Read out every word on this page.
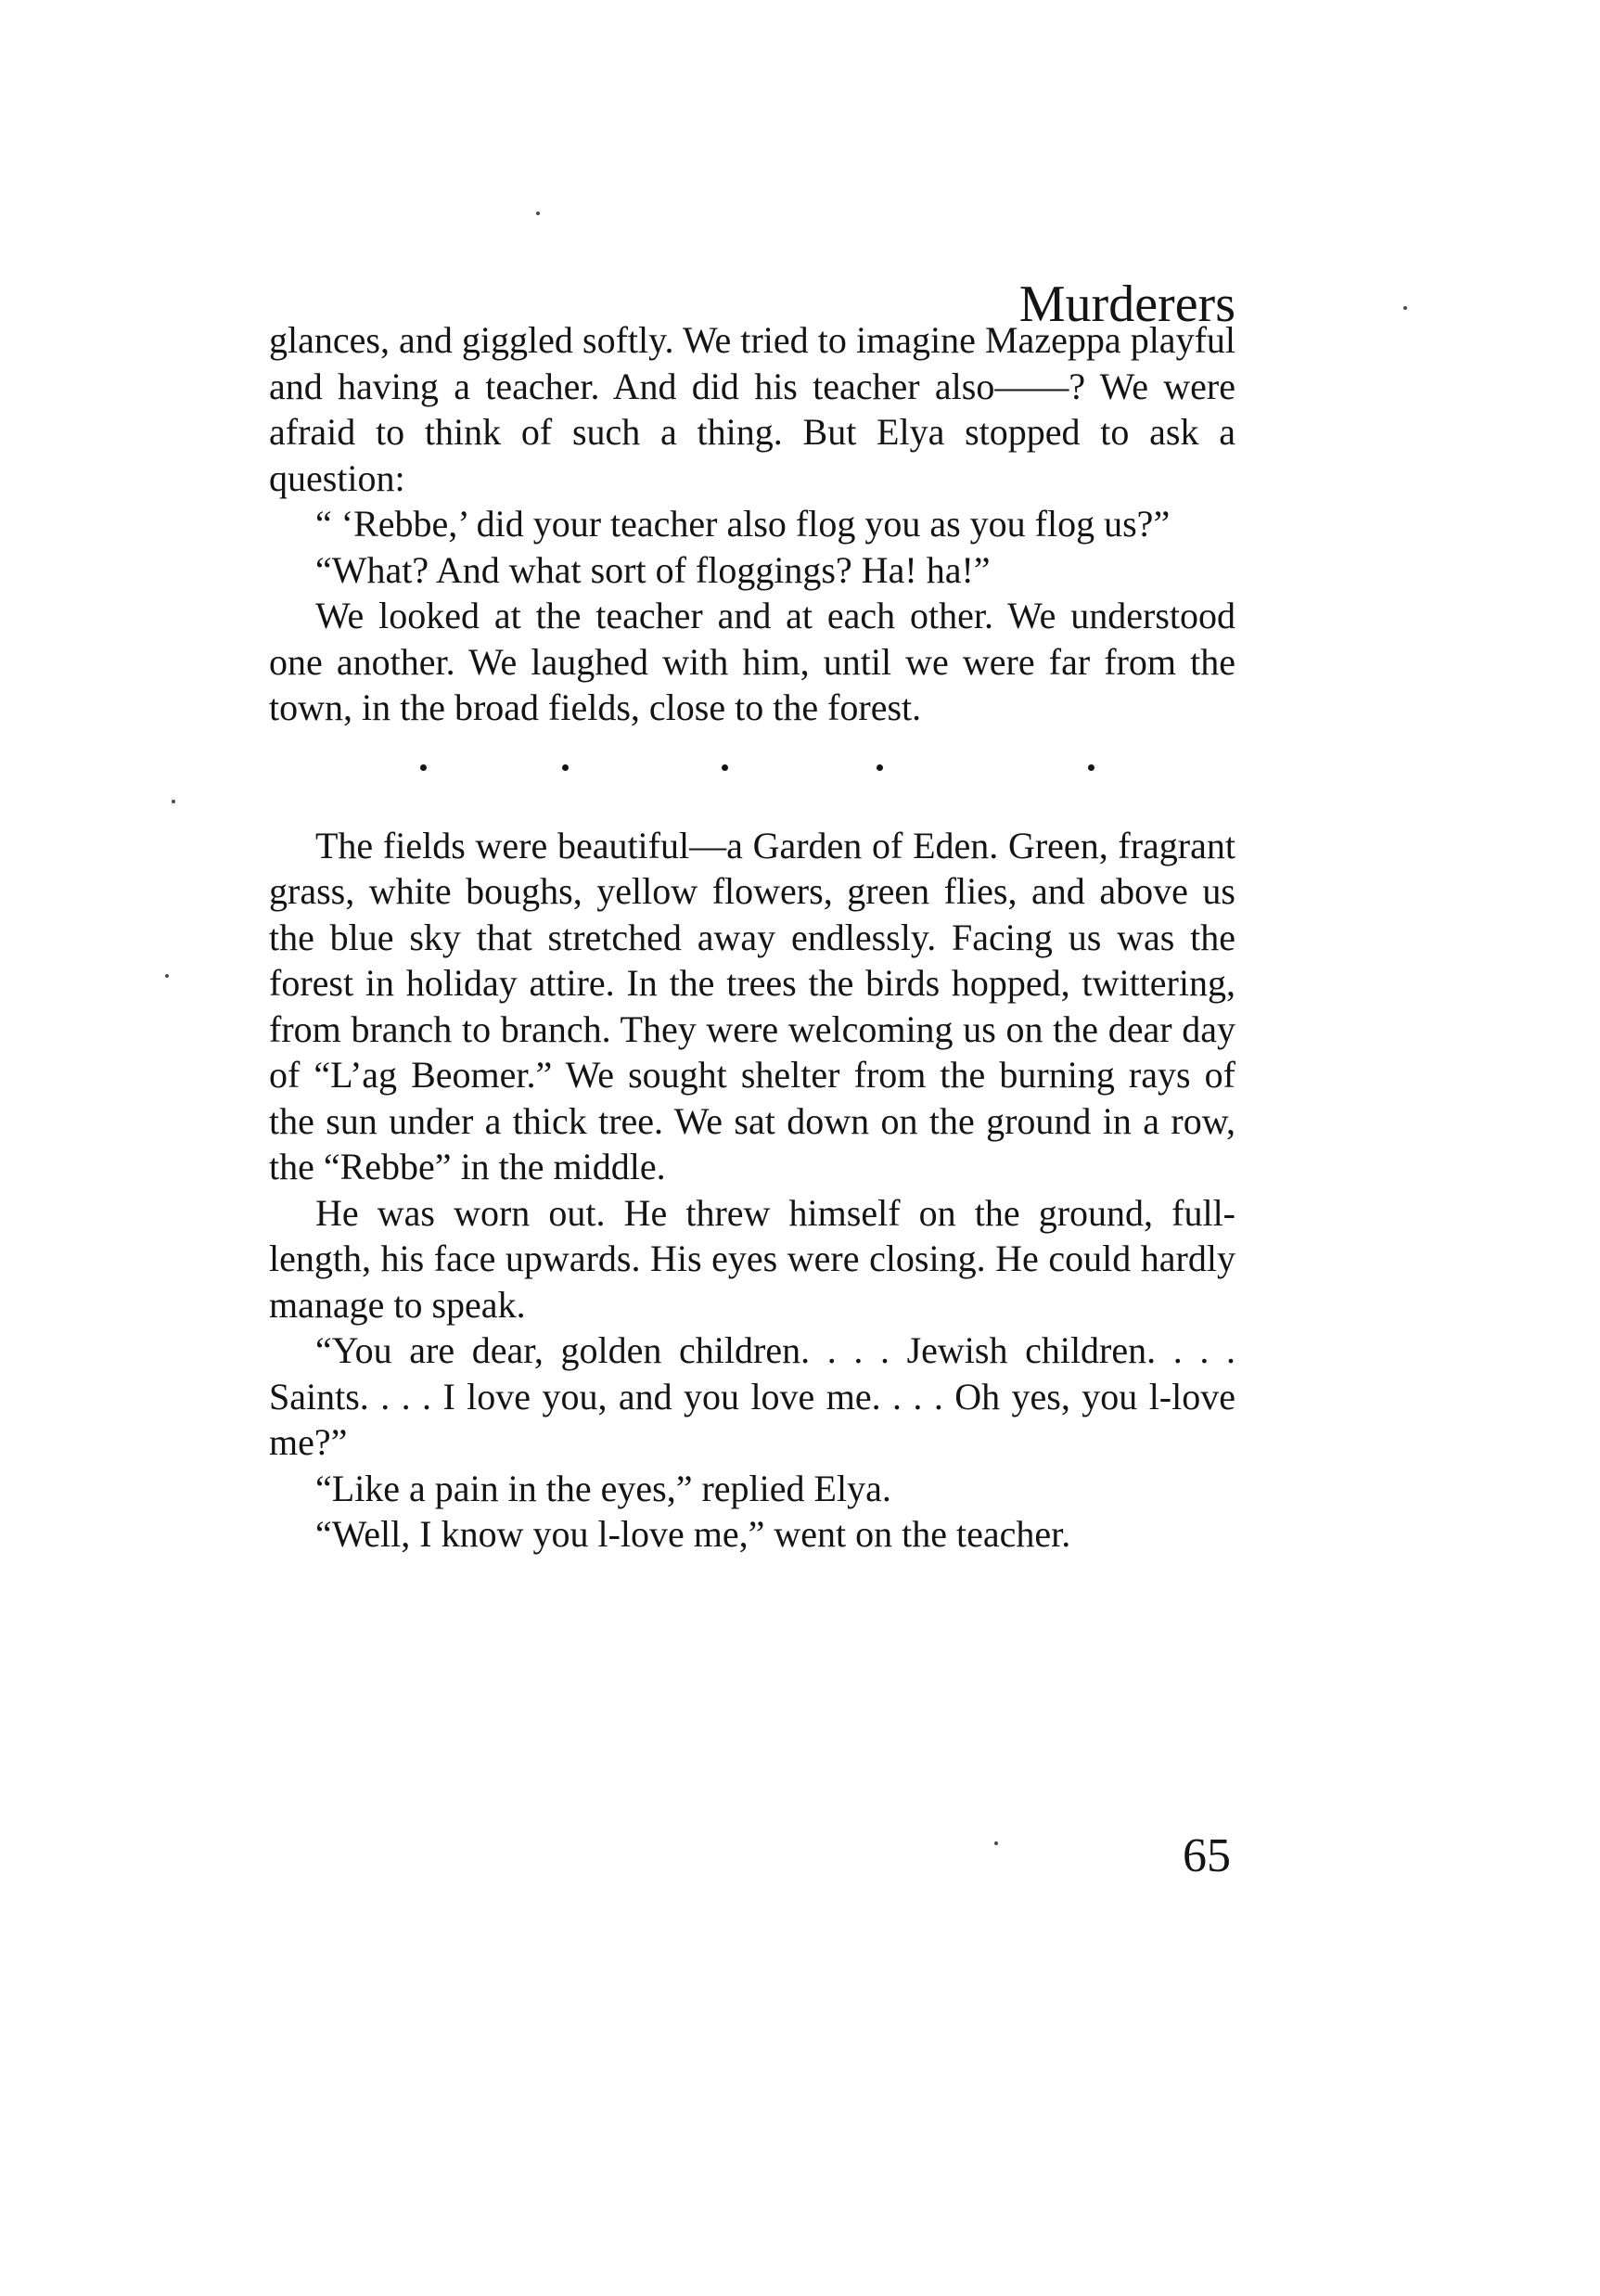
Murderers

glances, and giggled softly. We tried to imagine Mazeppa playful and having a teacher. And did his teacher also——? We were afraid to think of such a thing. But Elya stopped to ask a question:

“ ‘Rebbe,’ did your teacher also flog you as you flog us?”

“What? And what sort of floggings? Ha! ha!”

We looked at the teacher and at each other. We understood one another. We laughed with him, until we were far from the town, in the broad fields, close to the forest.

The fields were beautiful—a Garden of Eden. Green, fragrant grass, white boughs, yellow flowers, green flies, and above us the blue sky that stretched away endlessly. Facing us was the forest in holiday attire. In the trees the birds hopped, twittering, from branch to branch. They were welcoming us on the dear day of “L’ag Beomer.” We sought shelter from the burning rays of the sun under a thick tree. We sat down on the ground in a row, the “Rebbe” in the middle.

He was worn out. He threw himself on the ground, full-length, his face upwards. His eyes were closing. He could hardly manage to speak.

“You are dear, golden children. . . . Jewish children. . . . Saints. . . . I love you, and you love me. . . . Oh yes, you l-love me?”

“Like a pain in the eyes,” replied Elya.

“Well, I know you l-love me,” went on the teacher.

65
